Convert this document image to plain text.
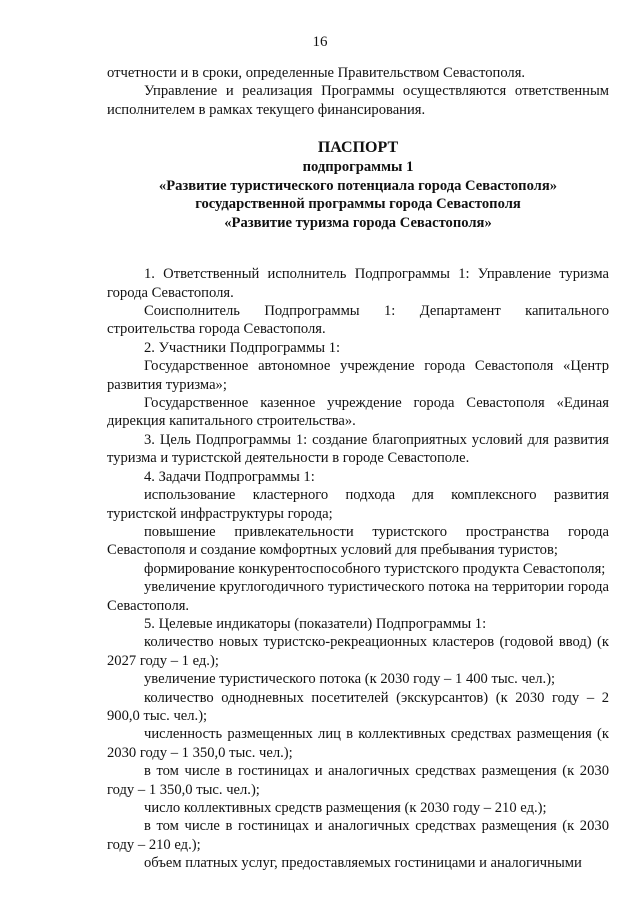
16

отчетности и в сроки, определенные Правительством Севастополя.

Управление и реализация Программы осуществляются ответственным исполнителем в рамках текущего финансирования.

ПАСПОРТ
подпрограммы 1
«Развитие туристического потенциала города Севастополя»
государственной программы города Севастополя
«Развитие туризма города Севастополя»

1. Ответственный исполнитель Подпрограммы 1: Управление туризма города Севастополя.

Соисполнитель Подпрограммы 1: Департамент капитального строительства города Севастополя.

2. Участники Подпрограммы 1:

Государственное автономное учреждение города Севастополя «Центр развития туризма»;

Государственное казенное учреждение города Севастополя «Единая дирекция капитального строительства».

3. Цель Подпрограммы 1: создание благоприятных условий для развития туризма и туристской деятельности в городе Севастополе.

4. Задачи Подпрограммы 1:

использование кластерного подхода для комплексного развития туристской инфраструктуры города;

повышение привлекательности туристского пространства города Севастополя и создание комфортных условий для пребывания туристов;

формирование конкурентоспособного туристского продукта Севастополя;

увеличение круглогодичного туристического потока на территории города Севастополя.

5. Целевые индикаторы (показатели) Подпрограммы 1:

количество новых туристско-рекреационных кластеров (годовой ввод) (к 2027 году – 1 ед.);

увеличение туристического потока (к 2030 году – 1 400 тыс. чел.);

количество однодневных посетителей (экскурсантов) (к 2030 году – 2 900,0 тыс. чел.);

численность размещенных лиц в коллективных средствах размещения (к 2030 году – 1 350,0 тыс. чел.);

в том числе в гостиницах и аналогичных средствах размещения (к 2030 году – 1 350,0 тыс. чел.);

число коллективных средств размещения (к 2030 году – 210 ед.);

в том числе в гостиницах и аналогичных средствах размещения (к 2030 году – 210 ед.);

объем платных услуг, предоставляемых гостиницами и аналогичными
